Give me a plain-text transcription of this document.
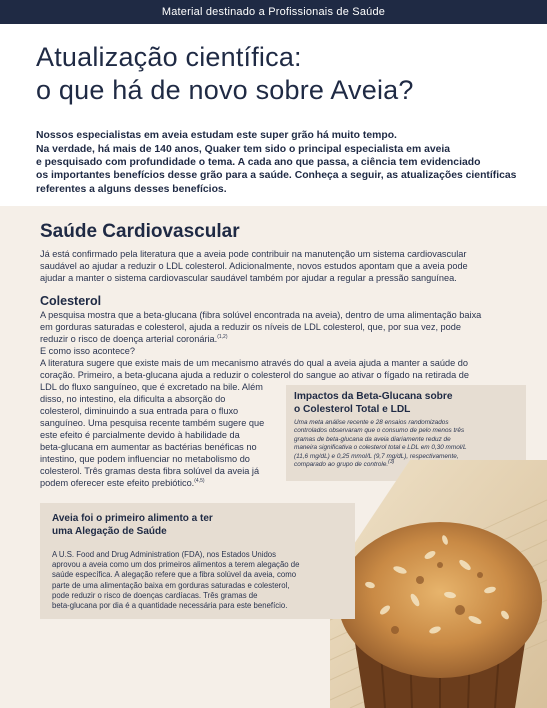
Material destinado a Profissionais de Saúde
Atualização científica:
o que há de novo sobre Aveia?

Nossos especialistas em aveia estudam este super grão há muito tempo.

Na verdade, há mais de 140 anos, Quaker tem sido o principal especialista em aveia
e pesquisado com profundidade o tema. A cada ano que passa, a ciência tem evidenciado
os importantes benefícios desse grão para a saúde. Conheça a seguir, as atualizações científicas
referentes a alguns desses benefícios.

Saúde Cardiovascular

Já está confirmado pela literatura que a aveia pode contribuir na manutenção um sistema cardiovascular
saudável ao ajudar a reduzir o LDL colesterol. Adicionalmente, novos estudos apontam que a aveia pode
ajudar a manter o sistema cardiovascular saudável também por ajudar a regular a pressão sanguínea.

Colesterol

A pesquisa mostra que a beta-glucana (fibra solúvel encontrada na aveia), dentro de uma alimentação baixa
em gorduras saturadas e colesterol, ajuda a reduzir os níveis de LDL colesterol, que, por sua vez, pode
reduzir o risco de doença arterial coronária.$^{(1,2)}$
E como isso acontece?

A literatura sugere que existe mais de um mecanismo através do qual a aveia ajuda a manter a saúde do
coração. Primeiro, a beta-glucana ajuda a reduzir o colesterol do sangue ao ativar o fígado na retirada de

LDL do fluxo sanguíneo, que é excretado na bile. Além
disso, no intestino, ela dificulta a absorção do
colesterol, diminuindo a sua entrada para o fluxo
sanguíneo. Uma pesquisa recente também sugere que
este efeito é parcialmente devido à habilidade da
beta-glucana em aumentar as bactérias benéficas no
intestino, que podem influenciar no metabolismo do
colesterol. Três gramas desta fibra solúvel da aveia já
podem oferecer este efeito prebiótico.$^{(4,5)}$

Impactos da Beta-Glucana sobre
o Colesterol Total e LDL
Uma meta análise recente e 28 ensaios randomizados
controlados observaram que o consumo de pelo menos três
gramas de beta-glucana da aveia diariamente reduz de
maneira significativa o colesterol total e LDL em 0,30 mmol/L
(11,6 mg/dL) e 0,25 mmol/L (9,7 mg/dL), respectivamente,
comparado ao grupo de controle.$^{(3)}$
Aveia foi o primeiro alimento a ter
uma Alegação de Saúde
A U.S. Food and Drug Administration (FDA), nos Estados Unidos
aprovou a aveia como um dos primeiros alimentos a terem alegação de
saúde específica. A alegação refere que a fibra solúvel da aveia, como
parte de uma alimentação baixa em gorduras saturadas e colesterol,
pode reduzir o risco de doenças cardíacas. Três gramas de
beta-glucana por dia é a quantidade necessária para este benefício.
